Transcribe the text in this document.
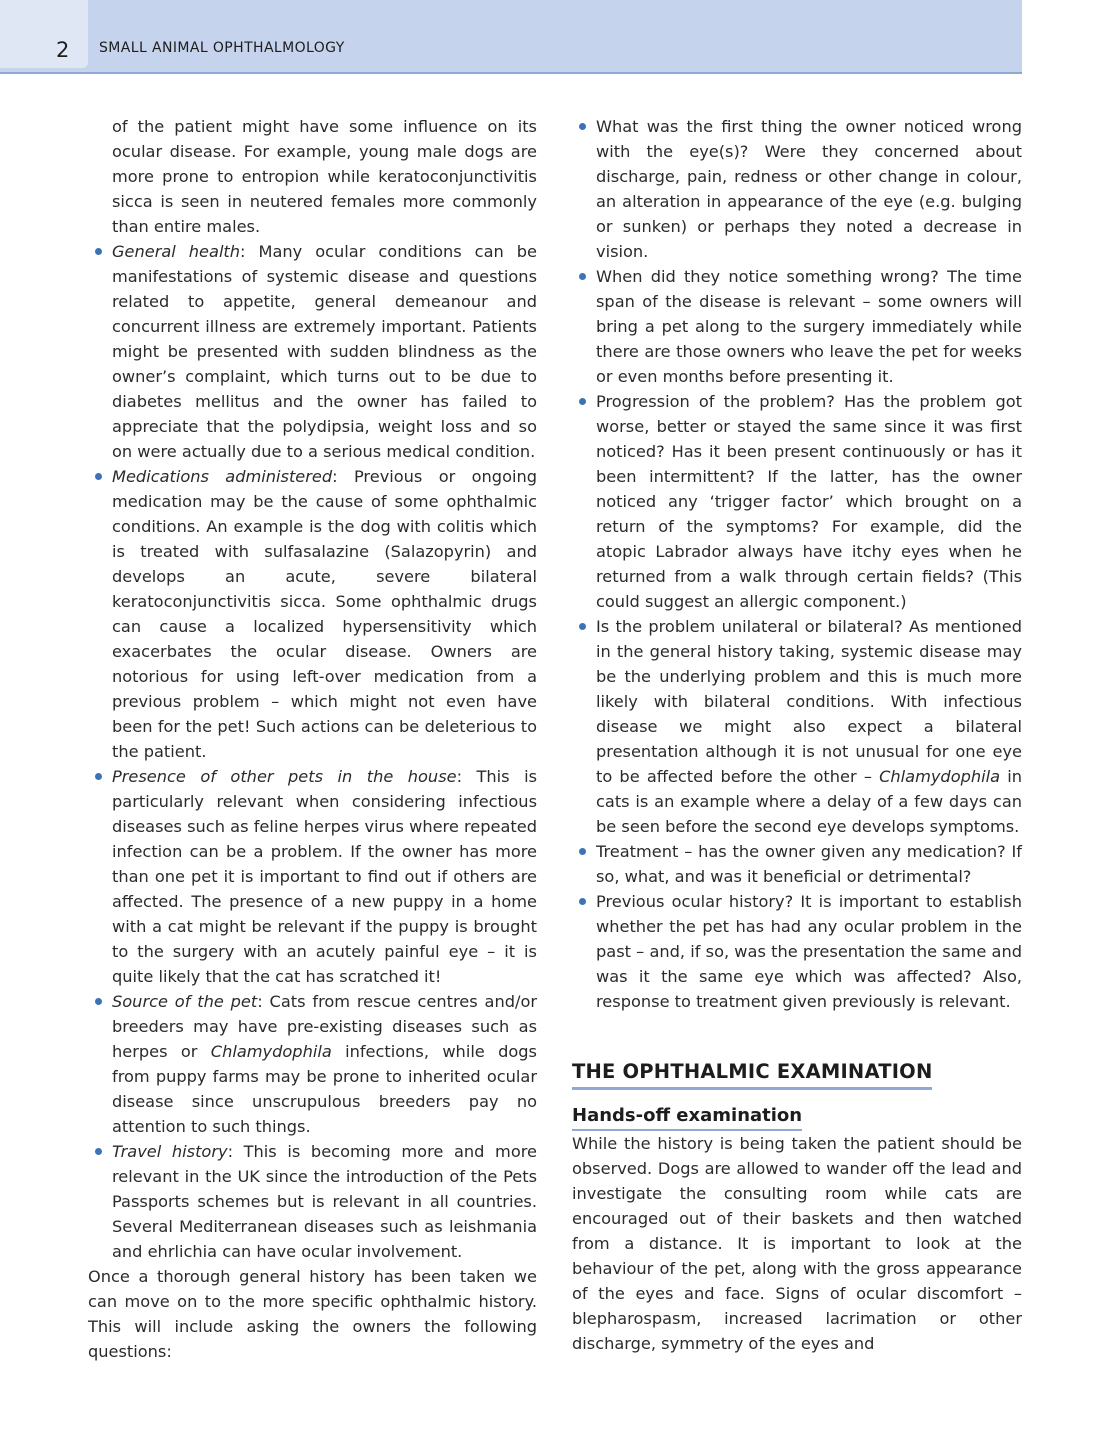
2 SMALL ANIMAL OPHTHALMOLOGY

of the patient might have some influence on its ocular disease. For example, young male dogs are more prone to entropion while keratoconjunctivitis sicca is seen in neutered females more commonly than entire males.

General health: Many ocular conditions can be manifestations of systemic disease and questions related to appetite, general demeanour and concurrent illness are extremely important. Patients might be presented with sudden blindness as the owner’s complaint, which turns out to be due to diabetes mellitus and the owner has failed to appreciate that the polydipsia, weight loss and so on were actually due to a serious medical condition.
Medications administered: Previous or ongoing medication may be the cause of some ophthalmic conditions. An example is the dog with colitis which is treated with sulfasalazine (Salazopyrin) and develops an acute, severe bilateral keratoconjunctivitis sicca. Some ophthalmic drugs can cause a localized hypersensitivity which exacerbates the ocular disease. Owners are notorious for using left-over medication from a previous problem – which might not even have been for the pet! Such actions can be deleterious to the patient.
Presence of other pets in the house: This is particularly relevant when considering infectious diseases such as feline herpes virus where repeated infection can be a problem. If the owner has more than one pet it is important to find out if others are affected. The presence of a new puppy in a home with a cat might be relevant if the puppy is brought to the surgery with an acutely painful eye – it is quite likely that the cat has scratched it!
Source of the pet: Cats from rescue centres and/or breeders may have pre-existing diseases such as herpes or Chlamydophila infections, while dogs from puppy farms may be prone to inherited ocular disease since unscrupulous breeders pay no attention to such things.
Travel history: This is becoming more and more relevant in the UK since the introduction of the Pets Passports schemes but is relevant in all countries. Several Mediterranean diseases such as leishmania and ehrlichia can have ocular involvement.

Once a thorough general history has been taken we can move on to the more specific ophthalmic history. This will include asking the owners the following questions:

What was the first thing the owner noticed wrong with the eye(s)? Were they concerned about discharge, pain, redness or other change in colour, an alteration in appearance of the eye (e.g. bulging or sunken) or perhaps they noted a decrease in vision.
When did they notice something wrong? The time span of the disease is relevant – some owners will bring a pet along to the surgery immediately while there are those owners who leave the pet for weeks or even months before presenting it.
Progression of the problem? Has the problem got worse, better or stayed the same since it was first noticed? Has it been present continuously or has it been intermittent? If the latter, has the owner noticed any ‘trigger factor’ which brought on a return of the symptoms? For example, did the atopic Labrador always have itchy eyes when he returned from a walk through certain fields? (This could suggest an allergic component.)
Is the problem unilateral or bilateral? As mentioned in the general history taking, systemic disease may be the underlying problem and this is much more likely with bilateral conditions. With infectious disease we might also expect a bilateral presentation although it is not unusual for one eye to be affected before the other – Chlamydophila in cats is an example where a delay of a few days can be seen before the second eye develops symptoms.
Treatment – has the owner given any medication? If so, what, and was it beneficial or detrimental?
Previous ocular history? It is important to establish whether the pet has had any ocular problem in the past – and, if so, was the presentation the same and was it the same eye which was affected? Also, response to treatment given previously is relevant.
THE OPHTHALMIC EXAMINATION
Hands-off examination

While the history is being taken the patient should be observed. Dogs are allowed to wander off the lead and investigate the consulting room while cats are encouraged out of their baskets and then watched from a distance. It is important to look at the behaviour of the pet, along with the gross appearance of the eyes and face. Signs of ocular discomfort – blepharospasm, increased lacrimation or other discharge, symmetry of the eyes and
